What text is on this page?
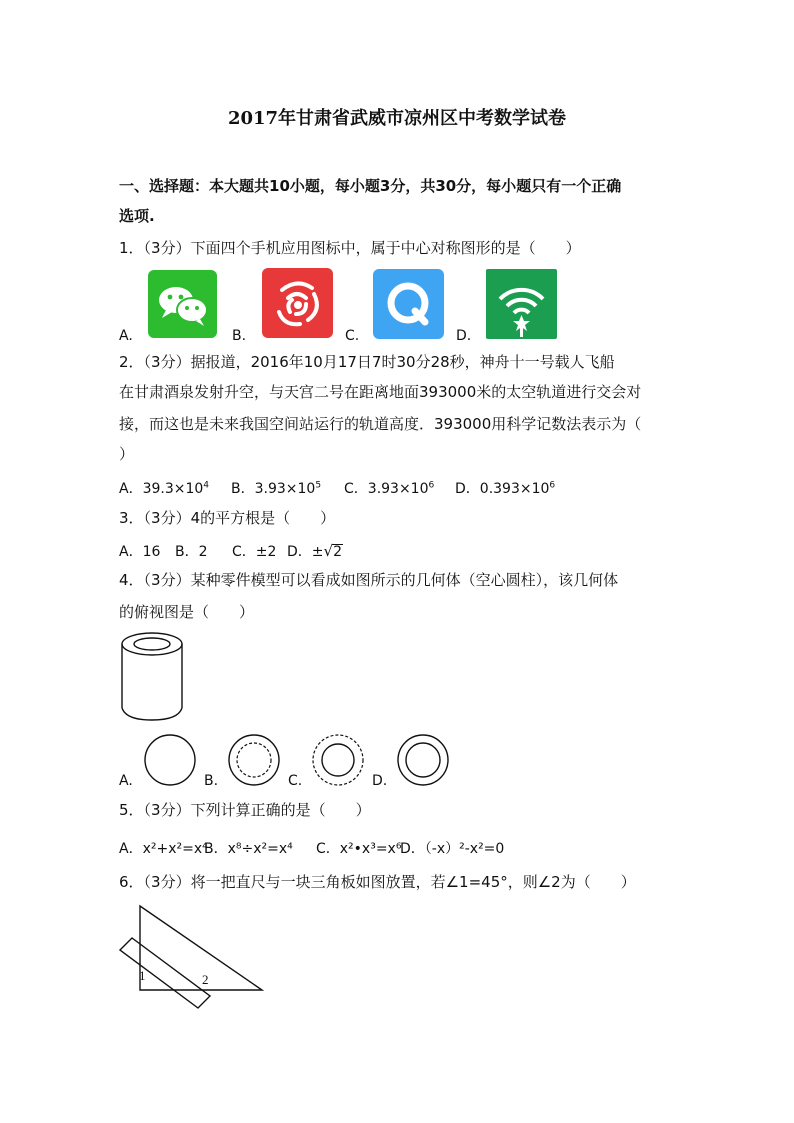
2017年甘肃省武威市凉州区中考数学试卷
一、选择题：本大题共10小题，每小题3分，共30分，每小题只有一个正确
选项.
1．（3分）下面四个手机应用图标中，属于中心对称图形的是（　　）
A.	B.	C.	D.
2．（3分）据报道，2016年10月17日7时30分28秒，神舟十一号载人飞船
在甘肃酒泉发射升空，与天宫二号在距离地面393000米的太空轨道进行交会对
接，而这也是未来我国空间站运行的轨道高度．393000用科学记数法表示为（
）
A．$39.3\times 10^4$ B．$3.93\times 10^5$ C．$3.93\times 10^6$ D．$0.393\times 10^6$
3．（3分）4的平方根是（　　）
A．16 B．2 C．±2 D．±√2
4．（3分）某种零件模型可以看成如图所示的几何体（空心圆柱），该几何体
的俯视图是（　　）
A.	B.	C.	D.
5．（3分）下列计算正确的是（　　）
A．x²+x²=x⁴
B．x⁸÷x²=x⁴ C．x²•x³=x⁶
D．（-x）²-x²=0
6．（3分）将一把直尺与一块三角板如图放置，若∠1=45°，则∠2为（　　）
1	2
